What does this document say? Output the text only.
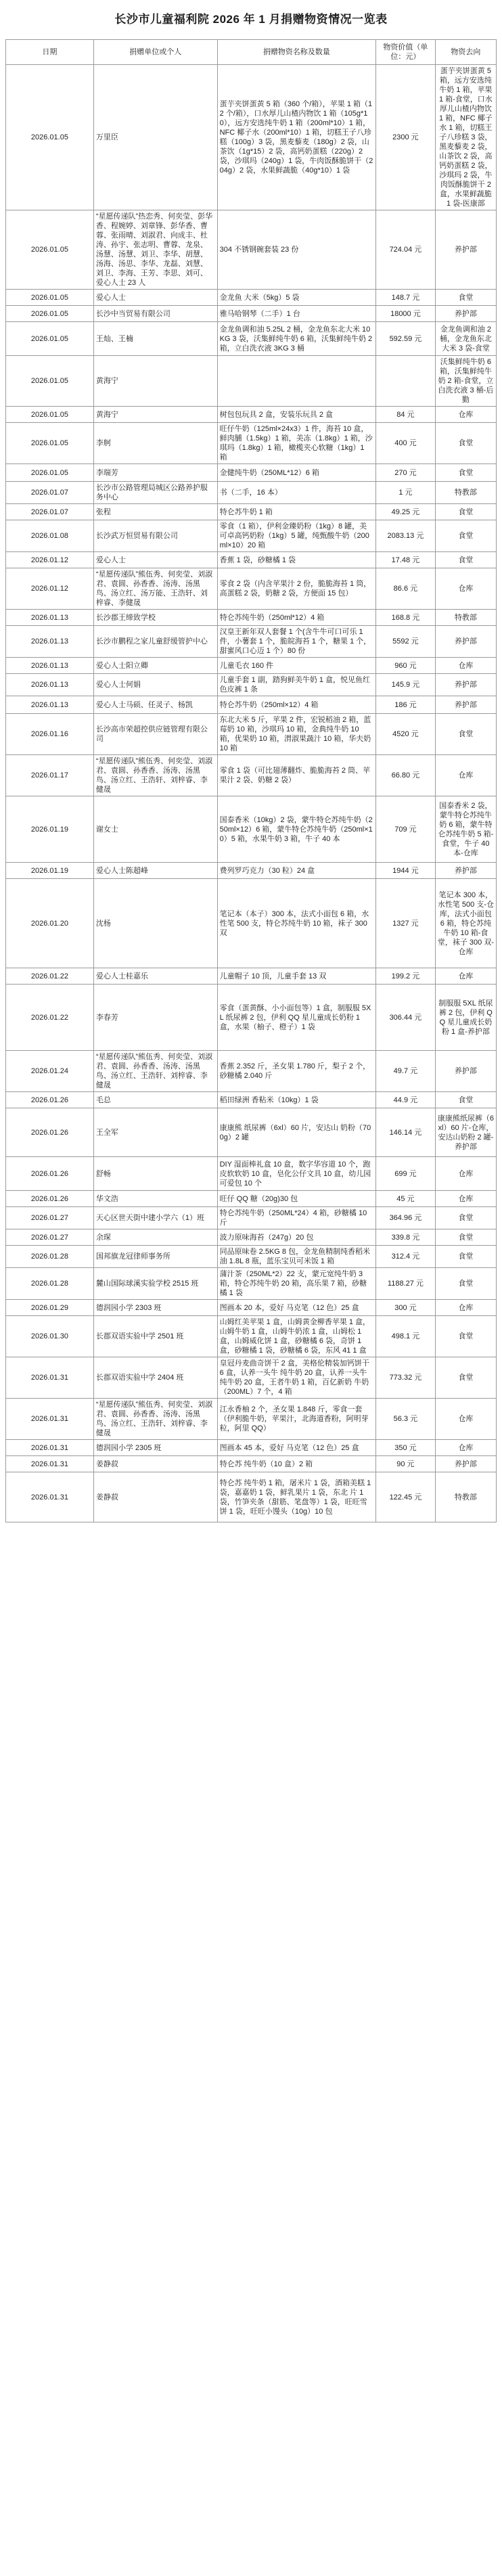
长沙市儿童福利院 2026 年 1 月捐赠物资情况一览表
日期	捐赠单位或个人	捐赠物资名称及数量	物资价值（单位：元）	物资去向
2026.01.05	万里臣	蛋芋夹饼蛋黄 5 箱（360 个/箱），苹果 1 箱（12 个/箱），口水厚儿山楂内物饮 1 箱（105g*10），远方安选纯牛奶 1 箱（200ml*10）1 箱，NFC 椰子水（200ml*10）1 箱，切糕王子八珍糕（100g）3 袋，黑麦藜麦（180g）2 袋，山茶饮（1g*15）2 袋，高钙奶蛋糕（220g）2 袋，沙琪玛（240g）1 袋，牛肉饭酥脆饼干（204g）2 袋，水果鲜蔬脆（40g*10）1 袋	2300 元	蛋芋夹饼蛋黄 5 箱，远方安选纯牛奶 1 箱，苹果 1 箱-食堂，口水厚儿山楂内物饮 1 箱，NFC 椰子水 1 箱，切糕王子八珍糕 3 袋，黑麦藜麦 2 袋，山茶饮 2 袋，高钙奶蛋糕 2 袋，沙琪玛 2 袋，牛肉饭酥脆饼干 2 盒，水果鲜蔬脆 1 袋-医康部
2026.01.05	“星愿传递队”热恋秀、何奕莹、彭华香、程婉婷、刘章锋、彭华香、曹蓉、张雨晴、刘淑君、向成丰、杜涛、孙宇、张志明、曹蓉、龙泉、汤慧、汤慧、刘卫、李华、胡慧、汤海、汤思、李华、龙磊、刘慧、刘卫、李海、王芳、李思、刘可、爱心人士 23 人	304 不锈钢碗套装 23 份	724.04 元	养护部
2026.01.05	爱心人士	金龙鱼 大米（5kg）5 袋	148.7 元	食堂
2026.01.05	长沙中当贸易有限公司	雅马哈钢琴（二手）1 台	18000 元	养护部
2026.01.05	王灿、王楠	金龙鱼调和油 5.25L 2 桶，金龙鱼东北大米 10KG 3 袋，沃集鲜纯牛奶 6 箱，沃集鲜纯牛奶 2 箱，立白洗衣液 3KG 3 桶	592.59 元	金龙鱼调和油 2 桶，金龙鱼东北大米 3 袋-食堂
2026.01.05	黄海宁			沃集鲜纯牛奶 6 箱，沃集鲜纯牛奶 2 箱-食堂，立白洗衣液 3 桶-后勤
2026.01.05	黄海宁	树包包玩具 2 盒，安装乐玩具 2 盒	84 元	仓库
2026.01.05	李舸	旺仔牛奶（125ml×24x3）1 件，海苔 10 盒，鲜肉脯（1.5kg）1 箱，美冻（1.8kg）1 箱，沙琪玛（1.8kg）1 箱，橄榄夹心软糖（1kg）1 箱	400 元	食堂
2026.01.05	李瑞芳	金健纯牛奶（250ML*12）6 箱	270 元	食堂
2026.01.07	长沙市公路管理局城区公路养护服务中心	书（二手，16 本）	1 元	特教部
2026.01.07	张程	特仑苏牛奶 1 箱	49.25 元	食堂
2026.01.08	长沙武万恒贸易有限公司	零食（1 箱），伊利金臻奶粉（1kg）8 罐，美可卓高钙奶粉（1kg）5 罐，纯甄酸牛奶（200ml×10）20 箱	2083.13 元	食堂
2026.01.12	爱心人士	香蕉 1 袋，砂糖橘 1 袋	17.48 元	食堂
2026.01.12	“星愿传递队”熊伍秀、何奕莹、刘淑君、袁圆、孙香香、汤涛、汤黑鸟、汤立红、汤万能、王浩轩、刘梓睿、李健晟	零食 2 袋（内含苹果汁 2 份，脆脆海苔 1 筒，高蛋糕 2 袋，奶糖 2 袋，方便面 15 包）	86.6 元	仓库
2026.01.13	长沙郡王缔致学校	特仑苏纯牛奶（250ml*12）4 箱	168.8 元	特教部
2026.01.13	长沙市鹏程之家儿童舒缓管护中心	汉皇王新年双人套餐 1 个(含牛牛可口可乐 1 件，小薯套 1 个，脆皖海苔 1 个，糖果 1 个，甜蜜风口心迈 1 个）80 份	5592 元	养护部
2026.01.13	爱心人士阳立卿	儿童毛衣 160 件	960 元	仓库
2026.01.13	爱心人士何娟	儿童手套 1 副，踏狗鲜美牛奶 1 盒，悦见鱼红色皮裤 1 条	145.9 元	养护部
2026.01.13	爱心人士马硕、任灵子、杨凯	特仑苏牛奶（250ml×12）4 箱	186 元	养护部
2026.01.16	长沙高市荣超控供应链管理有限公司	东北大米 5 斤，苹果 2 件，宏锐稻油 2 箱，蓝莓奶 10 箱，沙琪玛 10 箱，金典纯牛奶 10 箱，优果奶 10 箱，渭淑果蔬汁 10 箱，华夫奶 10 箱	4520 元	食堂
2026.01.17	“星愿传递队”熊伍秀、何奕莹、刘淑君、袁圆、孙香香、汤涛、汤黑鸟、汤立红、王浩轩、刘梓睿、李健晟	零食 1 袋（可比翅薄翻炸、脆脆海苔 2 筒、苹果汁 2 袋、奶糖 2 袋）	66.80 元	仓库
2026.01.19	谢女士	国泰香米（10kg）2 袋，蒙牛特仑苏纯牛奶（250ml×12）6 箱，蒙牛特仑苏纯牛奶（250ml×10）5 箱，水果牛奶 3 箱，牛子 40 本	709 元	国泰香米 2 袋，蒙牛特仑苏纯牛奶 6 箱，蒙牛特仑苏纯牛奶 5 箱-食堂，牛子 40 本-仓库
2026.01.19	爱心人士陈超峰	费列罗巧克力（30 粒）24 盒	1944 元	养护部
2026.01.20	沈杨	笔记本（本子）300 本，法式小面包 6 箱，水性笔 500 支，特仑苏纯牛奶 10 箱，袜子 300 双	1327 元	笔记本 300 本，水性笔 500 支-仓库，法式小面包 6 箱，特仑苏纯牛奶 10 箱-食堂，袜子 300 双-仓库
2026.01.22	爱心人士桂嘉乐	儿童帽子 10 顶，儿童手套 13 双	199.2 元	仓库
2026.01.22	李春芳	零食（蛋黄酥、小小面包等）1 盒，制服服 5XL 纸尿裤 2 包，伊利 QQ 星儿童成长奶粉 1 盒，水果（柚子、橙子）1 袋	306.44 元	制服服 5XL 纸尿裤 2 包，伊利 QQ 星儿童成长奶粉 1 盒-养护部
2026.01.24	“星愿传递队”熊伍秀、何奕莹、刘淑君、袁圆、孙香香、汤涛、汤黑鸟、汤立红、王浩轩、刘梓睿、李健晟	香蕉 2.352 斤，圣女果 1.780 斤，梨子 2 个，砂糖橘 2.040 斤	49.7 元	养护部
2026.01.26	毛总	稻田绿洲 香粘米（10kg）1 袋	44.9 元	食堂
2026.01.26	王全军	康康熊 纸尿裤（6xl）60 片，安达山 奶粉（700g）2 罐	146.14 元	康康熊纸尿裤（6xl）60 片-仓库，安达山奶粉 2 罐-养护部
2026.01.26	舒畅	DIY 湿面棒礼盒 10 盒，数字华容道 10 个，跑皮软软奶 10 盒，皂化公仔文具 10 盒，幼儿园可爱包 10 个	699 元	仓库
2026.01.26	华文浩	旺仔 QQ 糖（20g)30 包	45 元	仓库
2026.01.27	天心区世天街中建小学六（1）班	特仑苏纯牛奶（250ML*24）4 箱，砂糖橘 10 斤	364.96 元	食堂
2026.01.27	余琛	波力原味海苔（247g）20 包	339.8 元	食堂
2026.01.28	国邦旗龙冠律师事务所	同品原味卷 2.5KG 8 包，金龙鱼精制纯香稻米油 1.8L 8 瓶，蓝乐宝贝可米饭 1 箱	312.4 元	食堂
2026.01.28	麓山国际球溪实验学校 2515 班	蒲汁茶（250ML*2）22 支，蒙元宽纯牛奶 3 箱，特仑苏纯牛奶 20 箱，高乐果 7 箱，砂糖橘 1 袋	1188.27 元	食堂
2026.01.29	德润园小学 2303 班	图画本 20 本，爱好 马克笔（12 色）25 盒	300 元	仓库
2026.01.30	长郡双语实验中学 2501 班	山姆红美苹果 1 盒，山姆黄金柳香苹果 1 盒，山姆牛奶 1 盒，山姆牛奶浓 1 盒，山姆松 1 盒，山姆威化饼 1 盒，砂糖橘 6 袋，奇饼 1 盒，砂糖橘 1 袋，砂糖橘 6 袋，东风 41 1 盒	498.1 元	食堂
2026.01.31	长郡双语实验中学 2404 班	皇冠丹麦曲奇饼干 2 盒，美格伦精装加钙饼干 6 盒，认养一头牛 纯牛奶 20 盒，认养一头牛 纯牛奶 20 盒，王者牛奶 1 箱，百亿新奶 牛奶（200ML）7 个，4 箱	773.32 元	食堂
2026.01.31	“星愿传递队”熊伍秀、何奕莹、刘淑君、袁圆、孙香香、汤涛、汤黑鸟、汤立红、王浩轩、刘梓睿、李健晟	江永香柚 2 个，圣女果 1.848 斤，零食一套（伊利脆牛奶，苹果汁，北海道香粉，阿明芽粒，阿里 QQ）	56.3 元	仓库
2026.01.31	德润园小学 2305 班	图画本 45 本，爱好 马克笔（12 色）25 盒	350 元	仓库
2026.01.31	姜静菽	特仑苏 纯牛奶（10 盒）2 箱	90 元	养护部
2026.01.31	姜静菽	特仑苏 纯牛奶 1 箱，屠米片 1 袋，酒箱美糕 1 袋，嘉嘉奶 1 袋，鲜乳果片 1 袋，东北 片 1 袋，竹笋夹条（甜筋、笔盘等）1 袋，旺旺雪饼 1 袋，旺旺小馒头（10g）10 包	122.45 元	特教部
